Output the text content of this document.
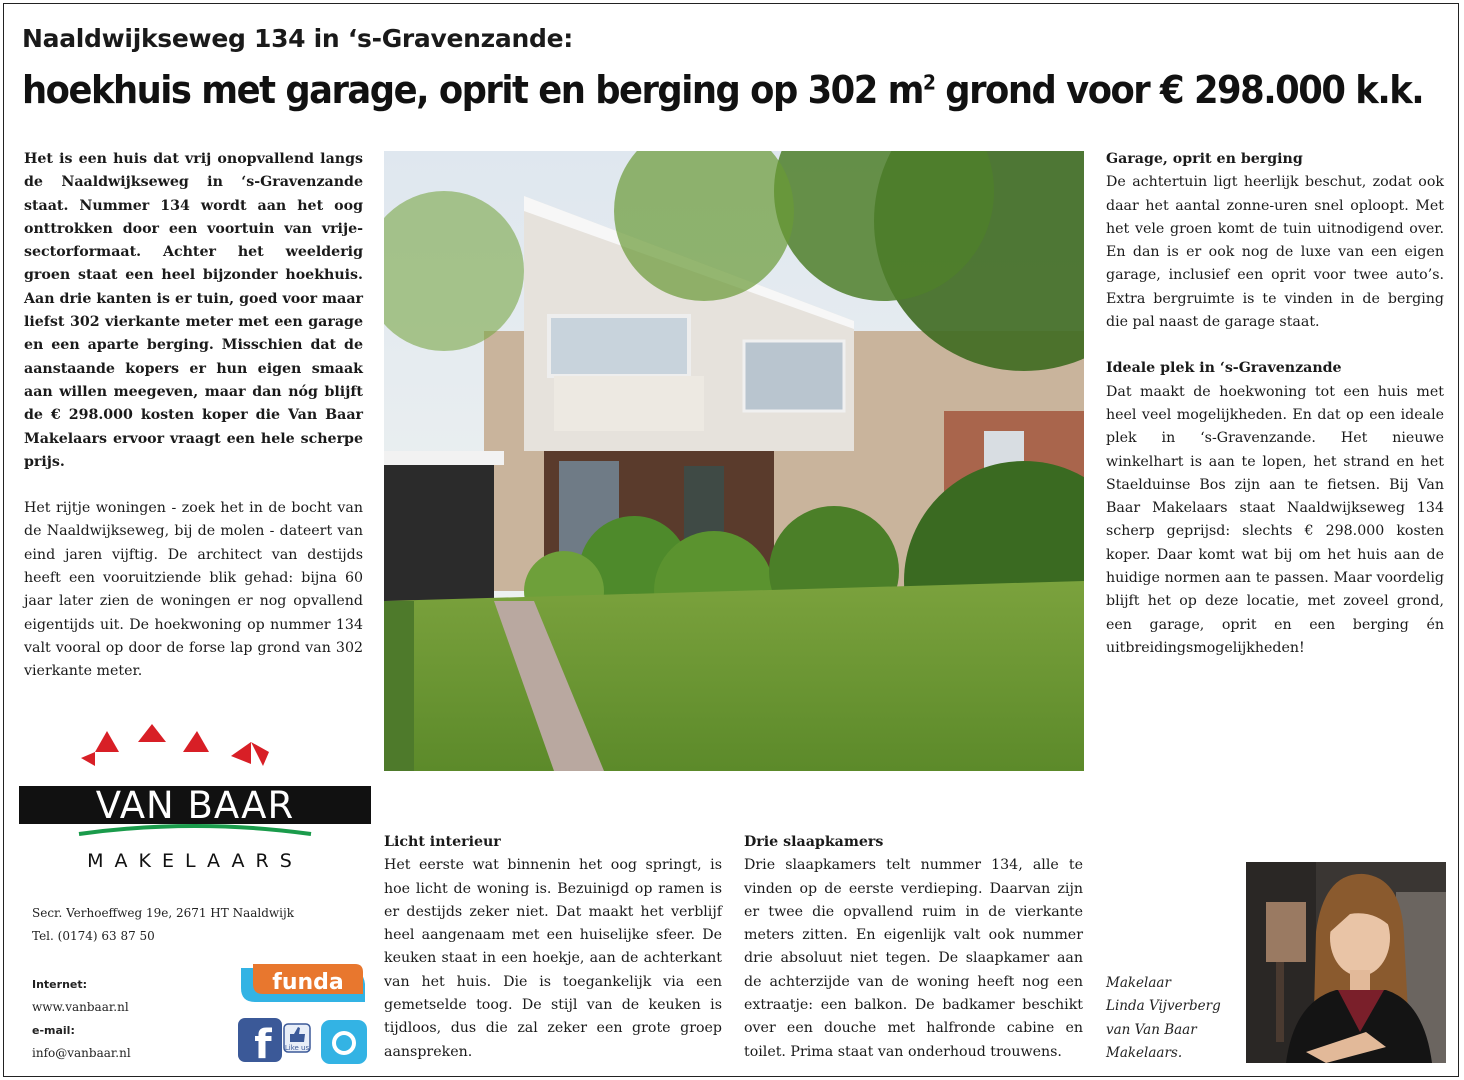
Naaldwijkseweg 134 in ‘s-Gravenzande:
hoekhuis met garage, oprit en berging op 302 $m^2$ grond voor € 298.000 k.k.

Het is een huis dat vrij onopvallend langs de Naaldwijkseweg in ‘s-Gravenzande staat. Nummer 134 wordt aan het oog onttrokken door een voortuin van vrije-sectorformaat. Achter het weelderig groen staat een heel bijzonder hoekhuis. Aan drie kanten is er tuin, goed voor maar liefst 302 vierkante meter met een garage en een aparte berging. Misschien dat de aanstaande kopers er hun eigen smaak aan willen meegeven, maar dan nóg blijft de € 298.000 kosten koper die Van Baar Makelaars ervoor vraagt een hele scherpe prijs.

Het rijtje woningen - zoek het in de bocht van de Naaldwijkseweg, bij de molen - dateert van eind jaren vijftig. De architect van destijds heeft een vooruitziende blik gehad: bijna 60 jaar later zien de woningen er nog opvallend eigentijds uit. De hoekwoning op nummer 134 valt vooral op door de forse lap grond van 302 vierkante meter.

Garage, oprit en berging

De achtertuin ligt heerlijk beschut, zodat ook daar het aantal zonne-uren snel oploopt. Met het vele groen komt de tuin uitnodigend over. En dan is er ook nog de luxe van een eigen garage, inclusief een oprit voor twee auto’s. Extra bergruimte is te vinden in de berging die pal naast de garage staat.

Ideale plek in ‘s-Gravenzande

Dat maakt de hoekwoning tot een huis met heel veel mogelijkheden. En dat op een ideale plek in ‘s-Gravenzande. Het nieuwe winkelhart is aan te lopen, het strand en het Staelduinse Bos zijn aan te fietsen. Bij Van Baar Makelaars staat Naaldwijkseweg 134 scherp geprijsd: slechts € 298.000 kosten koper. Daar komt wat bij om het huis aan de huidige normen aan te passen. Maar voordelig blijft het op deze locatie, met zoveel grond, een garage, oprit en een berging én uitbreidingsmogelijkheden!

VAN BAAR
MAKELAARS
Secr. Verhoeffweg 19e, 2671 HT Naaldwijk
Tel. (0174) 63 87 50
Internet:
www.vanbaar.nl
e-mail:
info@vanbaar.nl
funda
f Like us

Licht interieur

Het eerste wat binnenin het oog springt, is hoe licht de woning is. Bezuinigd op ramen is er destijds zeker niet. Dat maakt het verblijf heel aangenaam met een huiselijke sfeer. De keuken staat in een hoekje, aan de achterkant van het huis. Die is toegankelijk via een gemetselde toog. De stijl van de keuken is tijdloos, dus die zal zeker een grote groep aanspreken.

Drie slaapkamers

Drie slaapkamers telt nummer 134, alle te vinden op de eerste verdieping. Daarvan zijn er twee die opvallend ruim in de vierkante meters zitten. En eigenlijk valt ook nummer drie absoluut niet tegen. De slaapkamer aan de achterzijde van de woning heeft nog een extraatje: een balkon. De badkamer beschikt over een douche met halfronde cabine en toilet. Prima staat van onderhoud trouwens.

Makelaar
Linda Vijverberg
van Van Baar
Makelaars.
